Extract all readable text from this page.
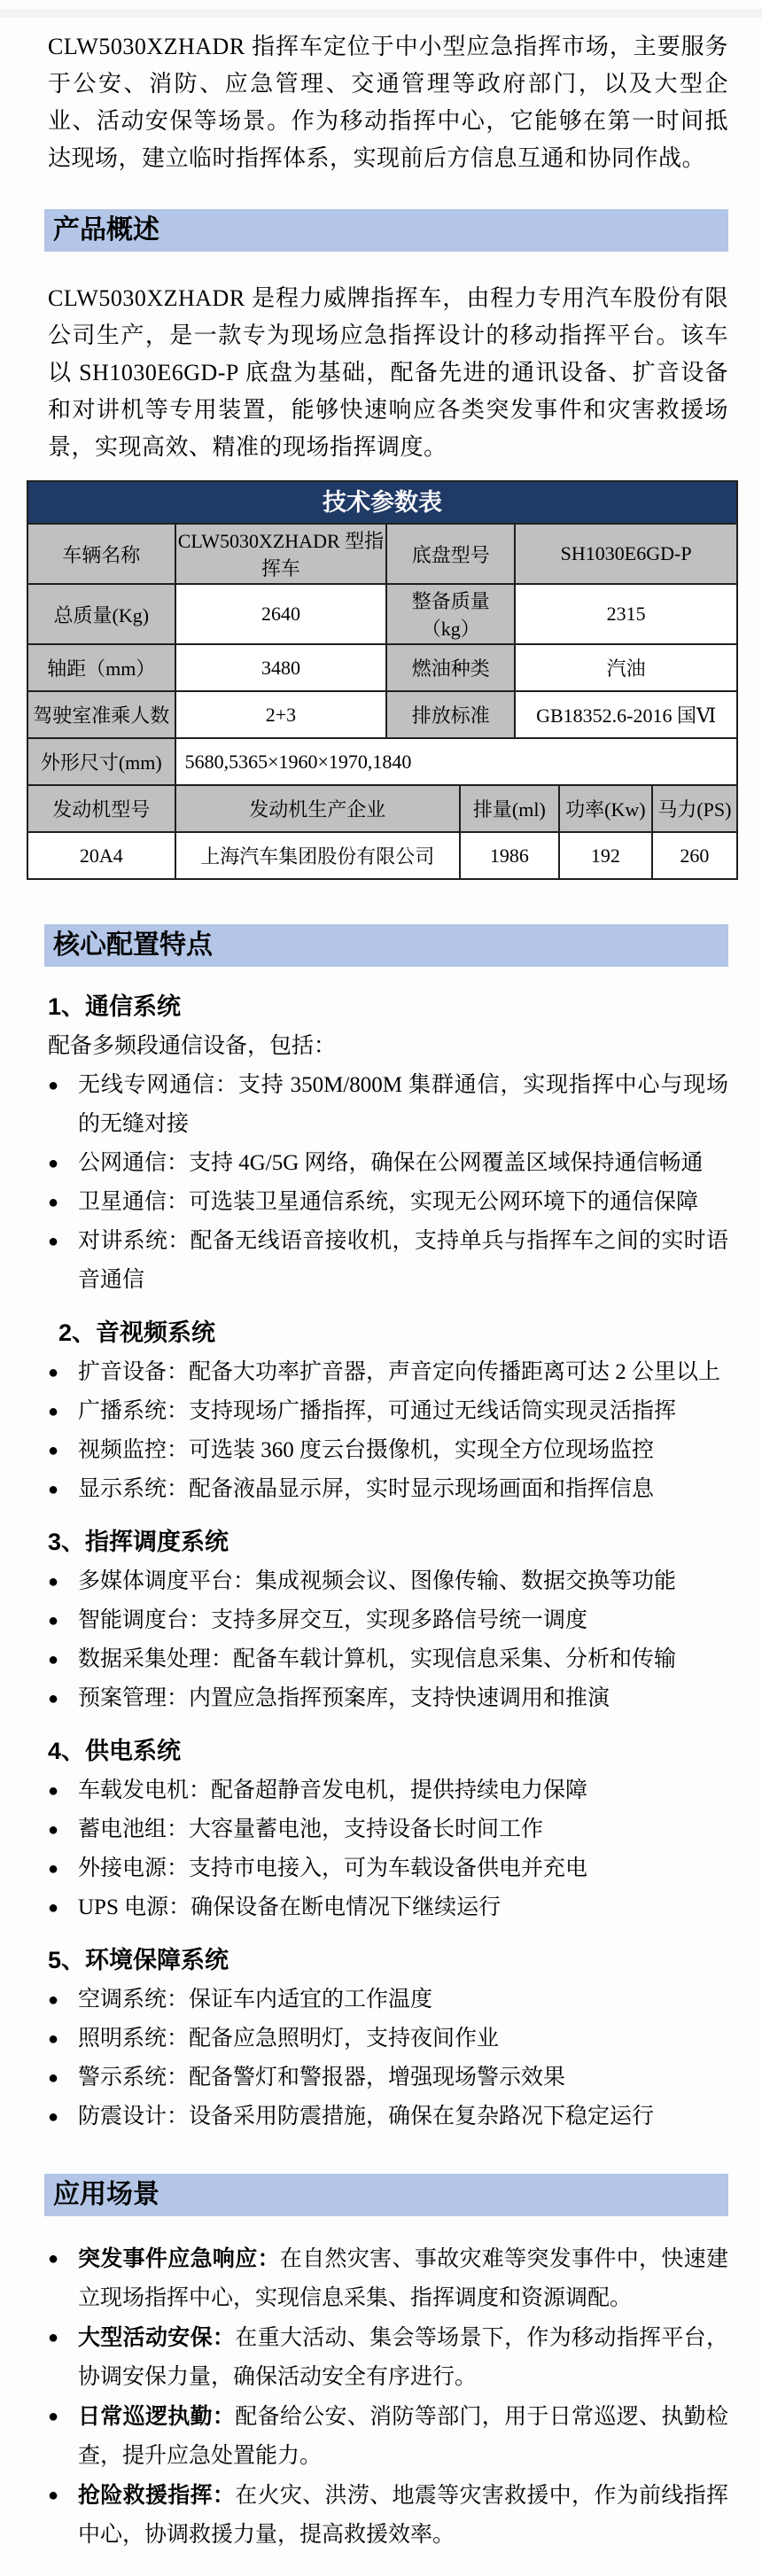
CLW5030XZHADR 指挥车定位于中小型应急指挥市场，主要服务于公安、消防、应急管理、交通管理等政府部门，以及大型企业、活动安保等场景。作为移动指挥中心，它能够在第一时间抵达现场，建立临时指挥体系，实现前后方信息互通和协同作战。

产品概述

CLW5030XZHADR 是程力威牌指挥车，由程力专用汽车股份有限公司生产，是一款专为现场应急指挥设计的移动指挥平台。该车以 SH1030E6GD-P 底盘为基础，配备先进的通讯设备、扩音设备和对讲机等专用装置，能够快速响应各类突发事件和灾害救援场景，实现高效、精准的现场指挥调度。

技术参数表
车辆名称	CLW5030XZHADR 型指挥车	底盘型号	SH1030E6GD-P
总质量(Kg)	2640	整备质量（kg）	2315
轴距（mm）	3480	燃油种类	汽油
驾驶室准乘人数	2+3	排放标准	GB18352.6-2016 国Ⅵ
外形尺寸(mm)	5680,5365×1960×1970,1840
发动机型号	发动机生产企业	排量(ml)	功率(Kw)	马力(PS)
20A4	上海汽车集团股份有限公司	1986	192	260
核心配置特点
1、通信系统
配备多频段通信设备，包括：
● 无线专网通信：支持 350M/800M 集群通信，实现指挥中心与现场的无缝对接
● 公网通信：支持 4G/5G 网络，确保在公网覆盖区域保持通信畅通
● 卫星通信：可选装卫星通信系统，实现无公网环境下的通信保障
● 对讲系统：配备无线语音接收机，支持单兵与指挥车之间的实时语音通信
2、音视频系统
● 扩音设备：配备大功率扩音器，声音定向传播距离可达 2 公里以上
● 广播系统：支持现场广播指挥，可通过无线话筒实现灵活指挥
● 视频监控：可选装 360 度云台摄像机，实现全方位现场监控
● 显示系统：配备液晶显示屏，实时显示现场画面和指挥信息
3、指挥调度系统
● 多媒体调度平台：集成视频会议、图像传输、数据交换等功能
● 智能调度台：支持多屏交互，实现多路信号统一调度
● 数据采集处理：配备车载计算机，实现信息采集、分析和传输
● 预案管理：内置应急指挥预案库，支持快速调用和推演
4、供电系统
● 车载发电机：配备超静音发电机，提供持续电力保障
● 蓄电池组：大容量蓄电池，支持设备长时间工作
● 外接电源：支持市电接入，可为车载设备供电并充电
● UPS 电源：确保设备在断电情况下继续运行
5、环境保障系统
● 空调系统：保证车内适宜的工作温度
● 照明系统：配备应急照明灯，支持夜间作业
● 警示系统：配备警灯和警报器，增强现场警示效果
● 防震设计：设备采用防震措施，确保在复杂路况下稳定运行
应用场景
● 突发事件应急响应：在自然灾害、事故灾难等突发事件中，快速建立现场指挥中心，实现信息采集、指挥调度和资源调配。
● 大型活动安保：在重大活动、集会等场景下，作为移动指挥平台，协调安保力量，确保活动安全有序进行。
● 日常巡逻执勤：配备给公安、消防等部门，用于日常巡逻、执勤检查，提升应急处置能力。
● 抢险救援指挥：在火灾、洪涝、地震等灾害救援中，作为前线指挥中心，协调救援力量，提高救援效率。
